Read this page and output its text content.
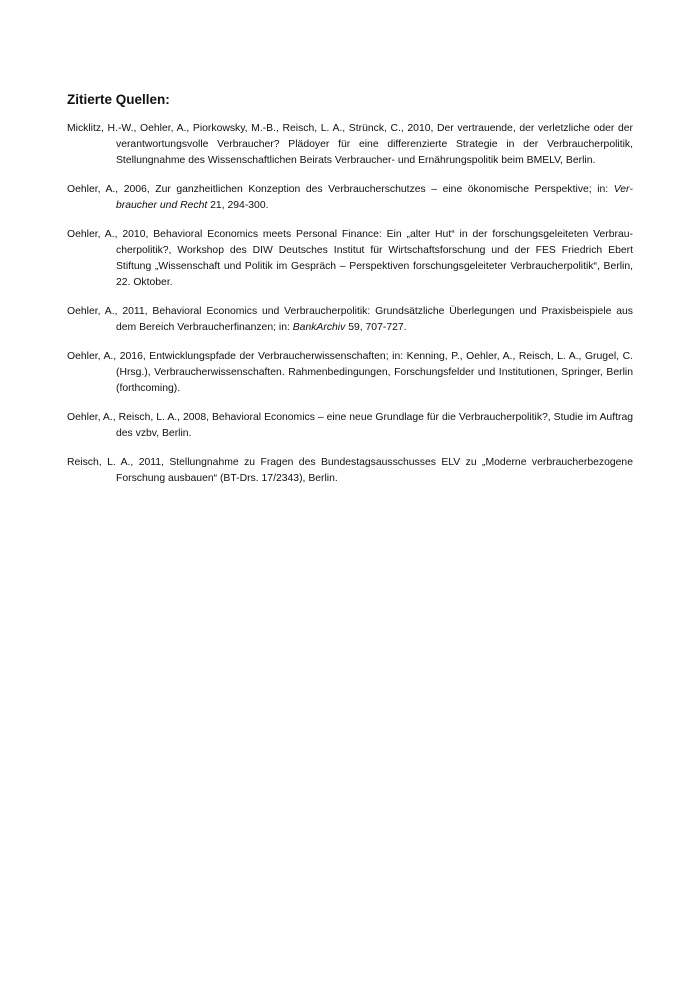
Zitierte Quellen:
Micklitz, H.-W., Oehler, A., Piorkowsky, M.-B., Reisch, L. A., Strünck, C., 2010, Der vertrauende, der verletzliche oder der verantwortungsvolle Verbraucher? Plädoyer für eine differenzierte Strategie in der Verbraucherpolitik, Stellungnahme des Wissenschaftlichen Beirats Verbraucher- und Ernährungspolitik beim BMELV, Berlin.
Oehler, A., 2006, Zur ganzheitlichen Konzeption des Verbraucherschutzes – eine ökonomische Perspektive; in: Verbraucher und Recht 21, 294-300.
Oehler, A., 2010, Behavioral Economics meets Personal Finance: Ein „alter Hut“ in der forschungsgeleiteten Verbraucherpolitik?, Workshop des DIW Deutsches Institut für Wirtschaftsforschung und der FES Friedrich Ebert Stiftung „Wissenschaft und Politik im Gespräch – Perspektiven forschungsgeleiteter Verbraucherpolitik“, Berlin, 22. Oktober.
Oehler, A., 2011, Behavioral Economics und Verbraucherpolitik: Grundsätzliche Überlegungen und Praxisbeispiele aus dem Bereich Verbraucherfinanzen; in: BankArchiv 59, 707-727.
Oehler, A., 2016, Entwicklungspfade der Verbraucherwissenschaften; in: Kenning, P., Oehler, A., Reisch, L. A., Grugel, C. (Hrsg.), Verbraucherwissenschaften. Rahmenbedingungen, Forschungsfelder und Institutionen, Springer, Berlin (forthcoming).
Oehler, A., Reisch, L. A., 2008, Behavioral Economics – eine neue Grundlage für die Verbraucherpolitik?, Studie im Auftrag des vzbv, Berlin.
Reisch, L. A., 2011, Stellungnahme zu Fragen des Bundestagsausschusses ELV zu „Moderne verbraucherbezogene Forschung ausbauen“ (BT-Drs. 17/2343), Berlin.
